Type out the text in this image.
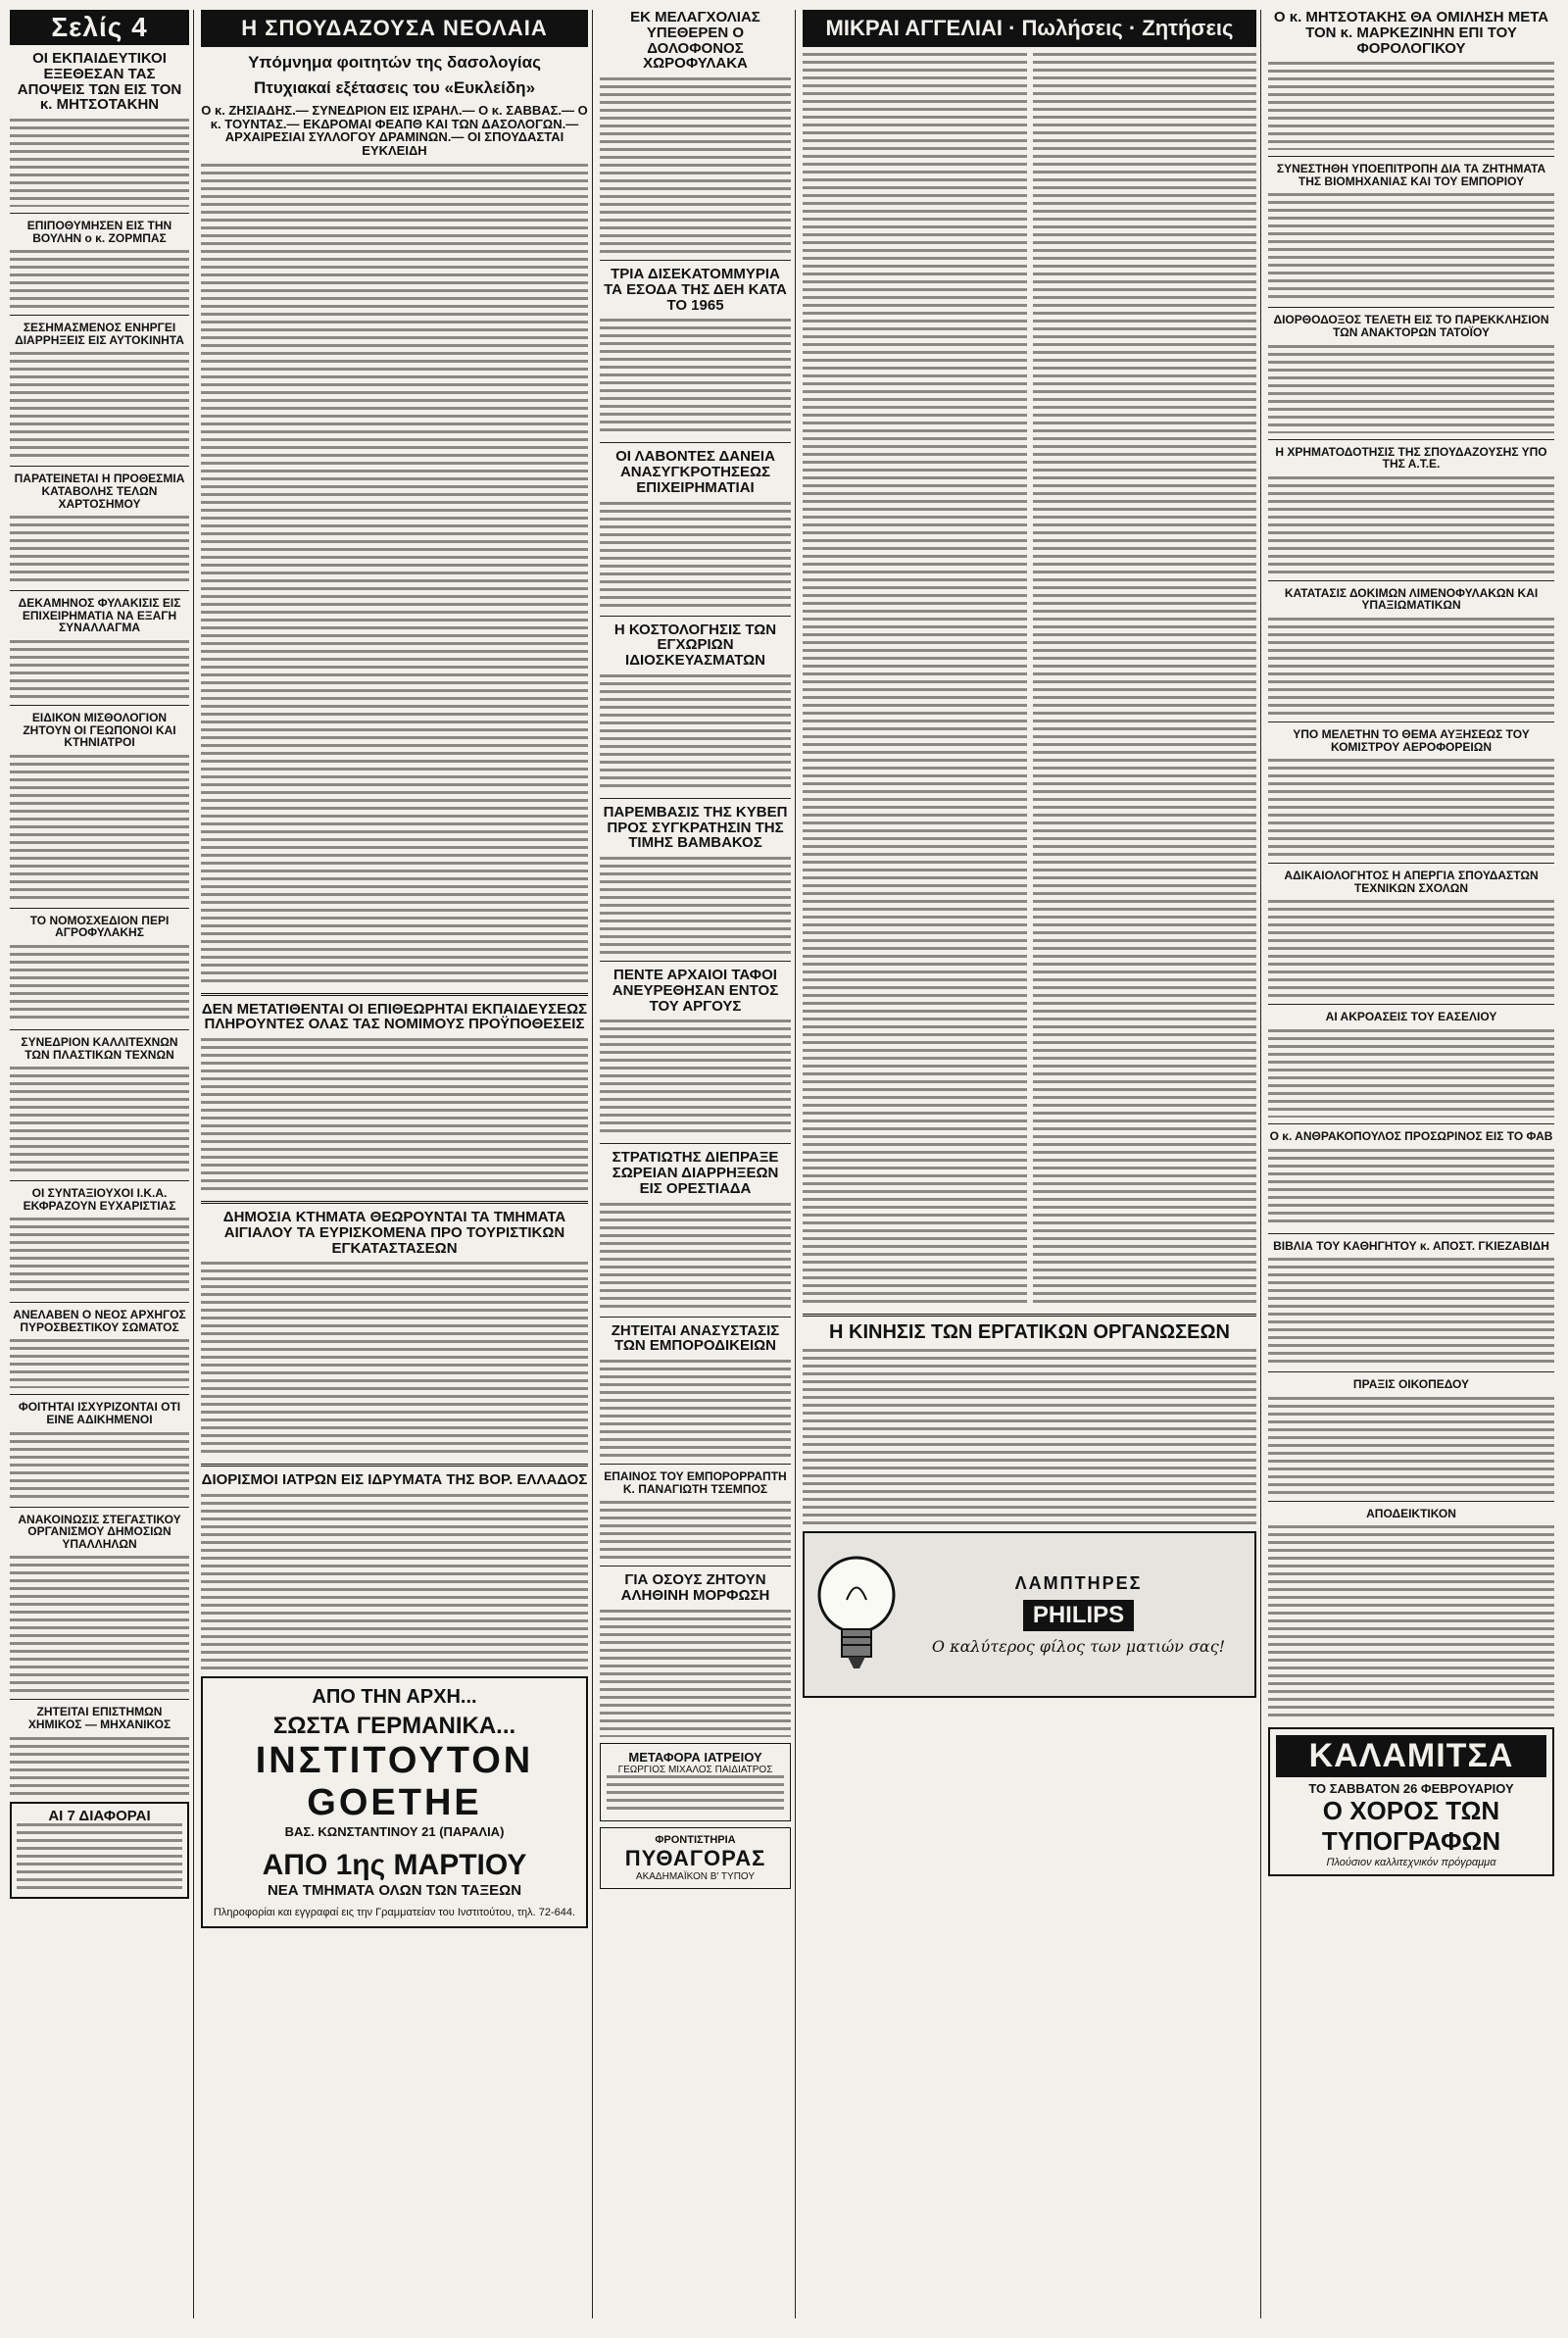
Σελίς 4
ΟΙ ΕΚΠΑΙΔΕΥΤΙΚΟΙ ΕΞΕΘΕΣΑΝ ΤΑΣ ΑΠΟΨΕΙΣ ΤΩΝ ΕΙΣ ΤΟΝ κ. ΜΗΤΣΟΤΑΚΗΝ
ΕΠΙΠΟΘΥΜΗΣΕΝ ΕΙΣ ΤΗΝ ΒΟΥΛΗΝ ο κ. ΖΟΡΜΠΑΣ
ΣΕΣΗΜΑΣΜΕΝΟΣ ΕΝΗΡΓΕΙ ΔΙΑΡΡΗΞΕΙΣ ΕΙΣ ΑΥΤΟΚΙΝΗΤΑ
ΠΑΡΑΤΕΙΝΕΤΑΙ Η ΠΡΟΘΕΣΜΙΑ ΚΑΤΑΒΟΛΗΣ ΤΕΛΩΝ ΧΑΡΤΟΣΗΜΟΥ
ΔΕΚΑΜΗΝΟΣ ΦΥΛΑΚΙΣΙΣ ΕΙΣ ΕΠΙΧΕΙΡΗΜΑΤΙΑ ΝΑ ΕΞΑΓΗ ΣΥΝΑΛΛΑΓΜΑ
ΕΙΔΙΚΟΝ ΜΙΣΘΟΛΟΓΙΟΝ ΖΗΤΟΥΝ ΟΙ ΓΕΩΠΟΝΟΙ ΚΑΙ ΚΤΗΝΙΑΤΡΟΙ
ΤΟ ΝΟΜΟΣΧΕΔΙΟΝ ΠΕΡΙ ΑΓΡΟΦΥΛΑΚΗΣ
ΣΥΝΕΔΡΙΟΝ ΚΑΛΛΙΤΕΧΝΩΝ ΤΩΝ ΠΛΑΣΤΙΚΩΝ ΤΕΧΝΩΝ
ΟΙ ΣΥΝΤΑΞΙΟΥΧΟΙ Ι.Κ.Α. ΕΚΦΡΑΖΟΥΝ ΕΥΧΑΡΙΣΤΙΑΣ
ΑΝΕΛΑΒΕΝ Ο ΝΕΟΣ ΑΡΧΗΓΟΣ ΠΥΡΟΣΒΕΣΤΙΚΟΥ ΣΩΜΑΤΟΣ
ΦΟΙΤΗΤΑΙ ΙΣΧΥΡΙΖΟΝΤΑΙ ΟΤΙ ΕΙΝΕ ΑΔΙΚΗΜΕΝΟΙ
ΑΝΑΚΟΙΝΩΣΙΣ ΣΤΕΓΑΣΤΙΚΟΥ ΟΡΓΑΝΙΣΜΟΥ ΔΗΜΟΣΙΩΝ ΥΠΑΛΛΗΛΩΝ
ΖΗΤΕΙΤΑΙ ΕΠΙΣΤΗΜΩΝ ΧΗΜΙΚΟΣ — ΜΗΧΑΝΙΚΟΣ
ΑΙ 7 ΔΙΑΦΟΡΑΙ
Η ΣΠΟΥΔΑΖΟΥΣΑ ΝΕΟΛΑΙΑ
Υπόμνημα φοιτητών της δασολογίας
Πτυχιακαί εξέτασεις του «Ευκλείδη»
Ο κ. ΖΗΣΙΑΔΗΣ.— ΣΥΝΕΔΡΙΟΝ ΕΙΣ ΙΣΡΑΗΛ.— Ο κ. ΣΑΒΒΑΣ.— Ο κ. ΤΟΥΝΤΑΣ.— ΕΚΔΡΟΜΑΙ ΦΕΑΠΘ ΚΑΙ ΤΩΝ ΔΑΣΟΛΟΓΩΝ.— ΑΡΧΑΙΡΕΣΙΑΙ ΣΥΛΛΟΓΟΥ ΔΡΑΜΙΝΩΝ.— ΟΙ ΣΠΟΥΔΑΣΤΑΙ ΕΥΚΛΕΙΔΗ
ΔΕΝ ΜΕΤΑΤΙΘΕΝΤΑΙ ΟΙ ΕΠΙΘΕΩΡΗΤΑΙ ΕΚΠΑΙΔΕΥΣΕΩΣ ΠΛΗΡΟΥΝΤΕΣ ΟΛΑΣ ΤΑΣ ΝΟΜΙΜΟΥΣ ΠΡΟΫΠΟΘΕΣΕΙΣ
ΔΗΜΟΣΙΑ ΚΤΗΜΑΤΑ ΘΕΩΡΟΥΝΤΑΙ ΤΑ ΤΜΗΜΑΤΑ ΑΙΓΙΑΛΟΥ ΤΑ ΕΥΡΙΣΚΟΜΕΝΑ ΠΡΟ ΤΟΥΡΙΣΤΙΚΩΝ ΕΓΚΑΤΑΣΤΑΣΕΩΝ
ΔΙΟΡΙΣΜΟΙ ΙΑΤΡΩΝ ΕΙΣ ΙΔΡΥΜΑΤΑ ΤΗΣ ΒΟΡ. ΕΛΛΑΔΟΣ
ΑΠΟ ΤΗΝ ΑΡΧΗ...
ΣΩΣΤΑ ΓΕΡΜΑΝΙΚΑ...
ΙΝΣΤΙΤΟΥΤΟΝ GOETHE
ΒΑΣ. ΚΩΝΣΤΑΝΤΙΝΟΥ 21 (ΠΑΡΑΛΙΑ)
ΑΠΟ 1ης ΜΑΡΤΙΟΥ
ΝΕΑ ΤΜΗΜΑΤΑ ΟΛΩΝ ΤΩΝ ΤΑΞΕΩΝ
Πληροφορίαι και εγγραφαί εις την Γραμματείαν του Ινστιτούτου, τηλ. 72-644.
ΕΚ ΜΕΛΑΓΧΟΛΙΑΣ ΥΠΕΘΕΡΕΝ Ο ΔΟΛΟΦΟΝΟΣ ΧΩΡΟΦΥΛΑΚΑ
ΤΡΙΑ ΔΙΣΕΚΑΤΟΜΜΥΡΙΑ ΤΑ ΕΣΟΔΑ ΤΗΣ ΔΕΗ ΚΑΤΑ ΤΟ 1965
ΟΙ ΛΑΒΟΝΤΕΣ ΔΑΝΕΙΑ ΑΝΑΣΥΓΚΡΟΤΗΣΕΩΣ ΕΠΙΧΕΙΡΗΜΑΤΙΑΙ
Η ΚΟΣΤΟΛΟΓΗΣΙΣ ΤΩΝ ΕΓΧΩΡΙΩΝ ΙΔΙΟΣΚΕΥΑΣΜΑΤΩΝ
ΠΑΡΕΜΒΑΣΙΣ ΤΗΣ ΚΥΒΕΠ ΠΡΟΣ ΣΥΓΚΡΑΤΗΣΙΝ ΤΗΣ ΤΙΜΗΣ ΒΑΜΒΑΚΟΣ
ΠΕΝΤΕ ΑΡΧΑΙΟΙ ΤΑΦΟΙ ΑΝΕΥΡΕΘΗΣΑΝ ΕΝΤΟΣ ΤΟΥ ΑΡΓΟΥΣ
ΣΤΡΑΤΙΩΤΗΣ ΔΙΕΠΡΑΞΕ ΣΩΡΕΙΑΝ ΔΙΑΡΡΗΞΕΩΝ ΕΙΣ ΟΡΕΣΤΙΑΔΑ
ΖΗΤΕΙΤΑΙ ΑΝΑΣΥΣΤΑΣΙΣ ΤΩΝ ΕΜΠΟΡΟΔΙΚΕΙΩΝ
ΕΠΑΙΝΟΣ ΤΟΥ ΕΜΠΟΡΟΡΡΑΠΤΗ Κ. ΠΑΝΑΓΙΩΤΗ ΤΣΕΜΠΟΣ
ΓΙΑ ΟΣΟΥΣ ΖΗΤΟΥΝ ΑΛΗΘΙΝΗ ΜΟΡΦΩΣΗ
ΜΕΤΑΦΟΡΑ ΙΑΤΡΕΙΟΥ
ΓΕΩΡΓΙΟΣ ΜΙΧΑΛΟΣ ΠΑΙΔΙΑΤΡΟΣ
ΦΡΟΝΤΙΣΤΗΡΙΑ
ΠΥΘΑΓΟΡΑΣ
ΑΚΑΔΗΜΑΪΚΟΝ Β' ΤΥΠΟΥ
ΜΙΚΡΑΙ ΑΓΓΕΛΙΑΙ · Πωλήσεις · Ζητήσεις
Η ΚΙΝΗΣΙΣ ΤΩΝ ΕΡΓΑΤΙΚΩΝ ΟΡΓΑΝΩΣΕΩΝ
ΛΑΜΠΤΗΡΕΣ
PHILIPS
Ο καλύτερος φίλος των ματιών σας!
Ο κ. ΜΗΤΣΟΤΑΚΗΣ ΘΑ ΟΜΙΛΗΣΗ ΜΕΤΑ ΤΟΝ κ. ΜΑΡΚΕΖΙΝΗΝ ΕΠΙ ΤΟΥ ΦΟΡΟΛΟΓΙΚΟΥ
ΣΥΝΕΣΤΗΘΗ ΥΠΟΕΠΙΤΡΟΠΗ ΔΙΑ ΤΑ ΖΗΤΗΜΑΤΑ ΤΗΣ ΒΙΟΜΗΧΑΝΙΑΣ ΚΑΙ ΤΟΥ ΕΜΠΟΡΙΟΥ
ΔΙΟΡΘΟΔΟΞΟΣ ΤΕΛΕΤΗ ΕΙΣ ΤΟ ΠΑΡΕΚΚΛΗΣΙΟΝ ΤΩΝ ΑΝΑΚΤΟΡΩΝ ΤΑΤΟΪΟΥ
Η ΧΡΗΜΑΤΟΔΟΤΗΣΙΣ ΤΗΣ ΣΠΟΥΔΑΖΟΥΣΗΣ ΥΠΟ ΤΗΣ Α.Τ.Ε.
ΚΑΤΑΤΑΣΙΣ ΔΟΚΙΜΩΝ ΛΙΜΕΝΟΦΥΛΑΚΩΝ ΚΑΙ ΥΠΑΞΙΩΜΑΤΙΚΩΝ
ΥΠΟ ΜΕΛΕΤΗΝ ΤΟ ΘΕΜΑ ΑΥΞΗΣΕΩΣ ΤΟΥ ΚΟΜΙΣΤΡΟΥ ΑΕΡΟΦΟΡΕΙΩΝ
ΑΔΙΚΑΙΟΛΟΓΗΤΟΣ Η ΑΠΕΡΓΙΑ ΣΠΟΥΔΑΣΤΩΝ ΤΕΧΝΙΚΩΝ ΣΧΟΛΩΝ
ΑΙ ΑΚΡΟΑΣΕΙΣ ΤΟΥ ΕΑΣΕΛΙΟΥ
Ο κ. ΑΝΘΡΑΚΟΠΟΥΛΟΣ ΠΡΟΣΩΡΙΝΟΣ ΕΙΣ ΤΟ ΦΑΒ
ΒΙΒΛΙΑ ΤΟΥ ΚΑΘΗΓΗΤΟΥ κ. ΑΠΟΣΤ. ΓΚΙΕΖΑΒΙΔΗ
ΠΡΑΞΙΣ ΟΙΚΟΠΕΔΟΥ
ΑΠΟΔΕΙΚΤΙΚΟΝ
ΚΑΛΑΜΙΤΣΑ
ΤΟ ΣΑΒΒΑΤΟΝ 26 ΦΕΒΡΟΥΑΡΙΟΥ
Ο ΧΟΡΟΣ ΤΩΝ ΤΥΠΟΓΡΑΦΩΝ
Πλούσιον καλλιτεχνικόν πρόγραμμα
